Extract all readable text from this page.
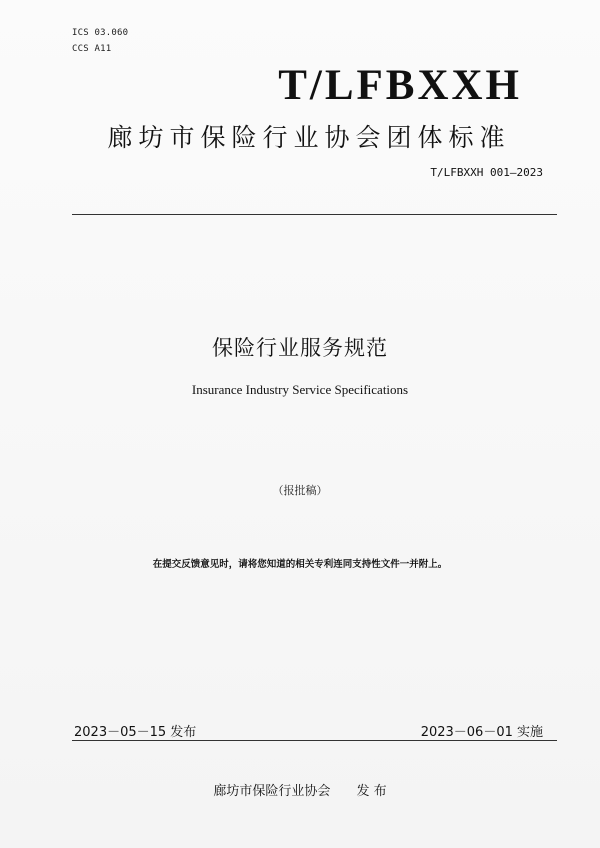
ICS 03.060
CCS A11
T/LFBXXH
廊坊市保险行业协会团体标准
T/LFBXXH 001—2023
保险行业服务规范
Insurance Industry Service Specifications
（报批稿）
在提交反馈意见时，请将您知道的相关专利连同支持性文件一并附上。
2023－05－15 发布	2023－06－01 实施
廊坊市保险行业协会 发 布
